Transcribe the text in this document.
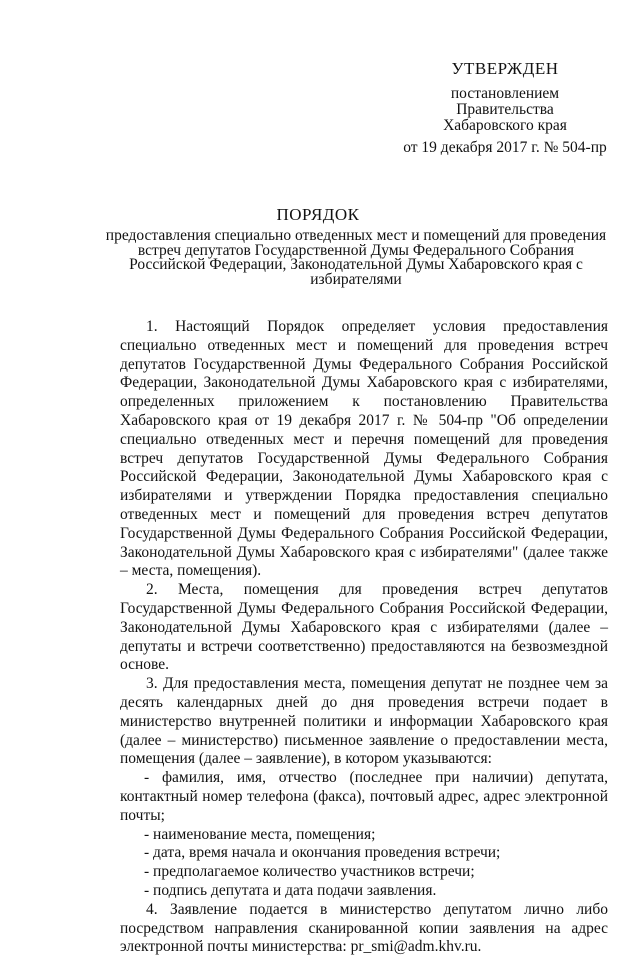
УТВЕРЖДЕН
постановлением
Правительства
Хабаровского края
от 19 декабря 2017 г. № 504-пр
ПОРЯДОК
предоставления специально отведенных мест и помещений для проведения встреч депутатов Государственной Думы Федерального Собрания Российской Федерации, Законодательной Думы Хабаровского края с избирателями

1. Настоящий Порядок определяет условия предоставления специально отведенных мест и помещений для проведения встреч депутатов Государственной Думы Федерального Собрания Российской Федерации, Законодательной Думы Хабаровского края с избирателями, определенных приложением к постановлению Правительства Хабаровского края от 19 декабря 2017 г. № 504-пр "Об определении специально отведенных мест и перечня помещений для проведения встреч депутатов Государственной Думы Федерального Собрания Российской Федерации, Законодательной Думы Хабаровского края с избирателями и утверждении Порядка предоставления специально отведенных мест и помещений для проведения встреч депутатов Государственной Думы Федерального Собрания Российской Федерации, Законодательной Думы Хабаровского края с избирателями" (далее также – места, помещения).

2. Места, помещения для проведения встреч депутатов Государственной Думы Федерального Собрания Российской Федерации, Законодательной Думы Хабаровского края с избирателями (далее – депутаты и встречи соответственно) предоставляются на безвозмездной основе.

3. Для предоставления места, помещения депутат не позднее чем за десять календарных дней до дня проведения встречи подает в министерство внутренней политики и информации Хабаровского края (далее – министерство) письменное заявление о предоставлении места, помещения (далее – заявление), в котором указываются:

- фамилия, имя, отчество (последнее при наличии) депутата, контактный номер телефона (факса), почтовый адрес, адрес электронной почты;

- наименование места, помещения;

- дата, время начала и окончания проведения встречи;

- предполагаемое количество участников встречи;

- подпись депутата и дата подачи заявления.

4. Заявление подается в министерство депутатом лично либо посредством направления сканированной копии заявления на адрес электронной почты министерства: pr_smi@adm.khv.ru.
